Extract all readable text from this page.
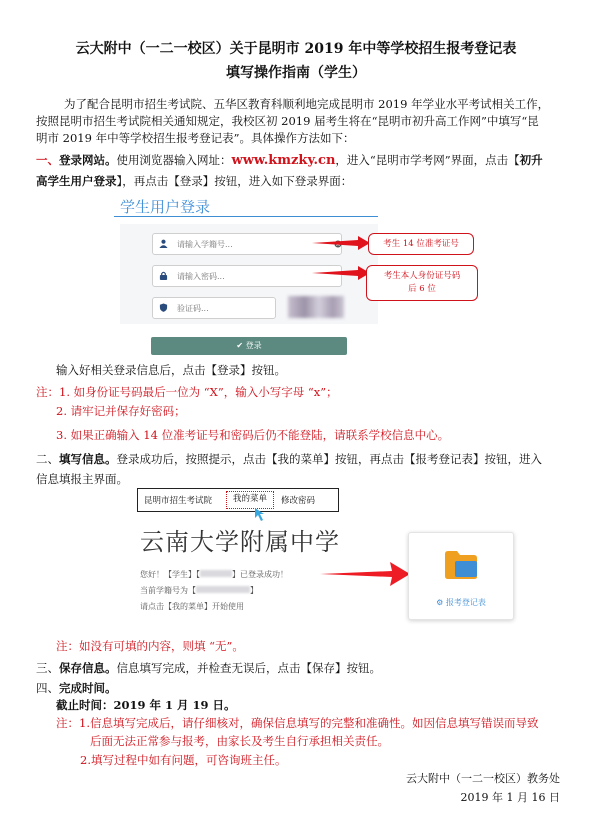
云大附中（一二一校区）关于昆明市 2019 年中等学校招生报考登记表
填写操作指南（学生）
为了配合昆明市招生考试院、五华区教育科顺利地完成昆明市 2019 年学业水平考试相关工作，
按照昆明市招生考试院相关通知规定，我校区初 2019 届考生将在“昆明市初升高工作网”中填写“昆
明市 2019 年中等学校招生报考登记表”。具体操作方法如下：
一、登录网站。使用浏览器输入网址：www.kmzky.cn，进入“昆明市学考网”界面，点击【初升
高学生用户登录】，再点击【登录】按钮，进入如下登录界面：
学生用户登录
✔ 登录
请输入学籍号...
请输入密码...
验证码...
考生 14 位准考证号
考生本人身份证号码
后 6 位
输入好相关登录信息后，点击【登录】按钮。
注：1. 如身份证号码最后一位为 “X”，输入小写字母 “x”；
2. 请牢记并保存好密码；
3. 如果正确输入 14 位准考证号和密码后仍不能登陆，请联系学校信息中心。
二、填写信息。登录成功后，按照提示，点击【我的菜单】按钮，再点击【报考登记表】按钮，进入
信息填报主界面。
昆明市招生考试院	我的菜单	修改密码
云南大学附属中学
您好！【学生】【	】已登录成功！
当前学籍号为【	】
请点击【我的菜单】开始使用	⚙ 报考登记表
注：如没有可填的内容，则填 “无”。
三、保存信息。信息填写完成，并检查无误后，点击【保存】按钮。
四、完成时间。
截止时间：2019 年 1 月 19 日。
注：1.信息填写完成后，请仔细核对，确保信息填写的完整和准确性。如因信息填写错误而导致
后面无法正常参与报考，由家长及考生自行承担相关责任。
2.填写过程中如有问题，可咨询班主任。
云大附中（一二一校区）教务处
2019 年 1 月 16 日
